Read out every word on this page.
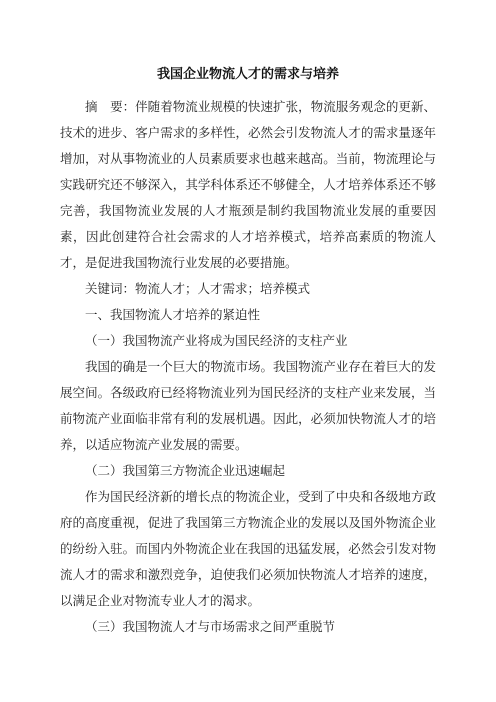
我国企业物流人才的需求与培养

摘　要：伴随着物流业规模的快速扩张，物流服务观念的更新、技术的进步、客户需求的多样性，必然会引发物流人才的需求量逐年增加，对从事物流业的人员素质要求也越来越高。当前，物流理论与实践研究还不够深入，其学科体系还不够健全，人才培养体系还不够完善，我国物流业发展的人才瓶颈是制约我国物流业发展的重要因素，因此创建符合社会需求的人才培养模式，培养高素质的物流人才，是促进我国物流行业发展的必要措施。

关键词：物流人才；人才需求；培养模式

一、我国物流人才培养的紧迫性

（一）我国物流产业将成为国民经济的支柱产业

我国的确是一个巨大的物流市场。我国物流产业存在着巨大的发展空间。各级政府已经将物流业列为国民经济的支柱产业来发展，当前物流产业面临非常有利的发展机遇。因此，必须加快物流人才的培养，以适应物流产业发展的需要。

（二）我国第三方物流企业迅速崛起

作为国民经济新的增长点的物流企业，受到了中央和各级地方政府的高度重视，促进了我国第三方物流企业的发展以及国外物流企业的纷纷入驻。而国内外物流企业在我国的迅猛发展，必然会引发对物流人才的需求和激烈竞争，迫使我们必须加快物流人才培养的速度，以满足企业对物流专业人才的渴求。

（三）我国物流人才与市场需求之间严重脱节
